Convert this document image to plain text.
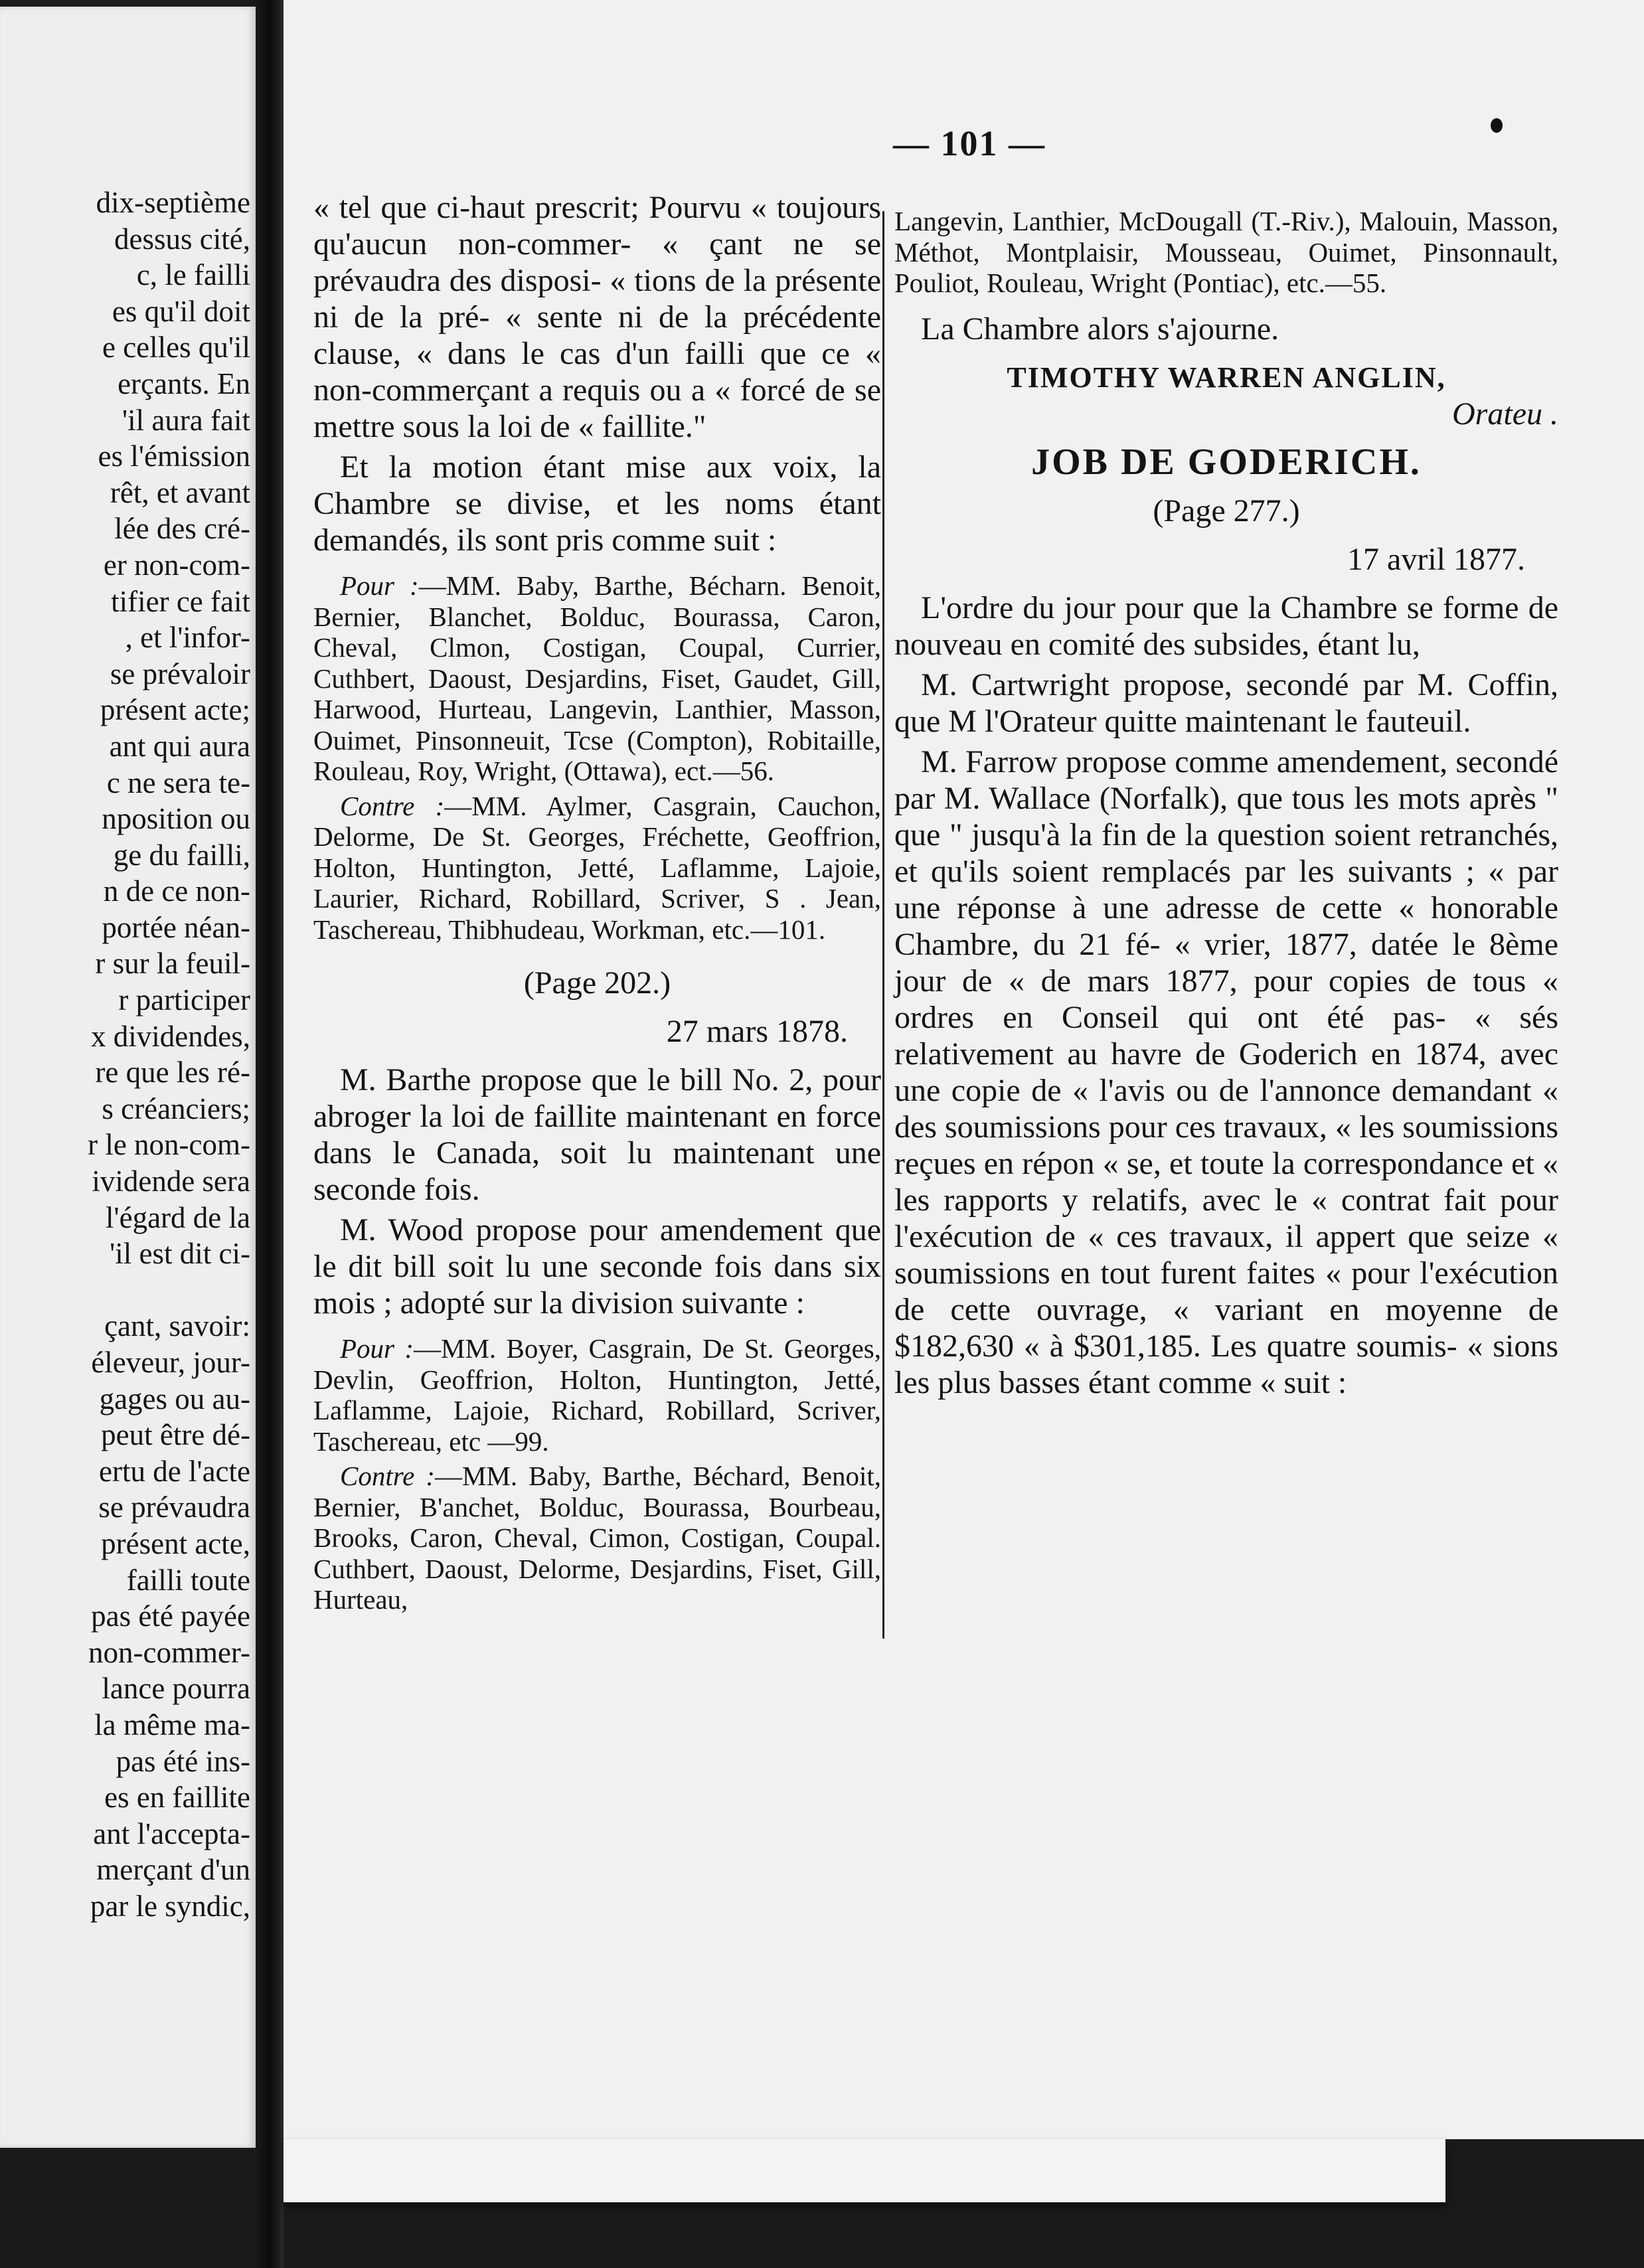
dix-septième
dessus cité,
c, le failli
es qu'il doit
e celles qu'il
erçants. En
'il aura fait
es l'émission
rêt, et avant
lée des cré-
er non-com-
tifier ce fait
, et l'infor-
se prévaloir
présent acte;
ant qui aura
c ne sera te-
nposition ou
ge du failli,
n de ce non-
portée néan-
r sur la feuil-
r participer
x dividendes,
re que les ré-
s créanciers;
r le non-com-
ividende sera
l'égard de la
'il est dit ci-
çant, savoir:
éleveur, jour-
gages ou au-
peut être dé-
ertu de l'acte
se prévaudra
présent acte,
failli toute
pas été payée
non-commer-
lance pourra
la même ma-
pas été ins-
es en faillite
ant l'accepta-
merçant d'un
par le syndic,
— 101 —

« tel que ci-haut prescrit; Pourvu « toujours qu'aucun non-commer- « çant ne se prévaudra des disposi- « tions de la présente ni de la pré- « sente ni de la précédente clause, « dans le cas d'un failli que ce « non-commerçant a requis ou a « forcé de se mettre sous la loi de « faillite."

Et la motion étant mise aux voix, la Chambre se divise, et les noms étant demandés, ils sont pris comme suit :

Pour :—MM. Baby, Barthe, Bécharn. Benoit, Bernier, Blanchet, Bolduc, Bourassa, Caron, Cheval, Clmon, Costigan, Coupal, Currier, Cuthbert, Daoust, Desjardins, Fiset, Gaudet, Gill, Harwood, Hurteau, Langevin, Lanthier, Masson, Ouimet, Pinsonneuit, Tcse (Compton), Robitaille, Rouleau, Roy, Wright, (Ottawa), ect.—56.

Contre :—MM. Aylmer, Casgrain, Cauchon, Delorme, De St. Georges, Fréchette, Geoffrion, Holton, Huntington, Jetté, Laflamme, Lajoie, Laurier, Richard, Robillard, Scriver, S . Jean, Taschereau, Thibhudeau, Workman, etc.—101.

(Page 202.)

27 mars 1878.

M. Barthe propose que le bill No. 2, pour abroger la loi de faillite maintenant en force dans le Canada, soit lu maintenant une seconde fois.

M. Wood propose pour amendement que le dit bill soit lu une seconde fois dans six mois ; adopté sur la division suivante :

Pour :—MM. Boyer, Casgrain, De St. Georges, Devlin, Geoffrion, Holton, Huntington, Jetté, Laflamme, Lajoie, Richard, Robillard, Scriver, Taschereau, etc —99.

Contre :—MM. Baby, Barthe, Béchard, Benoit, Bernier, B'anchet, Bolduc, Bourassa, Bourbeau, Brooks, Caron, Cheval, Cimon, Costigan, Coupal. Cuthbert, Daoust, Delorme, Desjardins, Fiset, Gill, Hurteau,

Langevin, Lanthier, McDougall (T.-Riv.), Malouin, Masson, Méthot, Montplaisir, Mousseau, Ouimet, Pinsonnault, Pouliot, Rouleau, Wright (Pontiac), etc.—55.

La Chambre alors s'ajourne.

TIMOTHY WARREN ANGLIN,

Orateu .

JOB DE GODERICH.

(Page 277.)

17 avril 1877.

L'ordre du jour pour que la Chambre se forme de nouveau en comité des subsides, étant lu,

M. Cartwright propose, secondé par M. Coffin, que M l'Orateur quitte maintenant le fauteuil.

M. Farrow propose comme amendement, secondé par M. Wallace (Norfalk), que tous les mots après " que " jusqu'à la fin de la question soient retranchés, et qu'ils soient remplacés par les suivants ; « par une réponse à une adresse de cette « honorable Chambre, du 21 fé- « vrier, 1877, datée le 8ème jour de « de mars 1877, pour copies de tous « ordres en Conseil qui ont été pas- « sés relativement au havre de Goderich en 1874, avec une copie de « l'avis ou de l'annonce demandant « des soumissions pour ces travaux, « les soumissions reçues en répon « se, et toute la correspondance et « les rapports y relatifs, avec le « contrat fait pour l'exécution de « ces travaux, il appert que seize « soumissions en tout furent faites « pour l'exécution de cette ouvrage, « variant en moyenne de $182,630 « à $301,185. Les quatre soumis- « sions les plus basses étant comme « suit :
